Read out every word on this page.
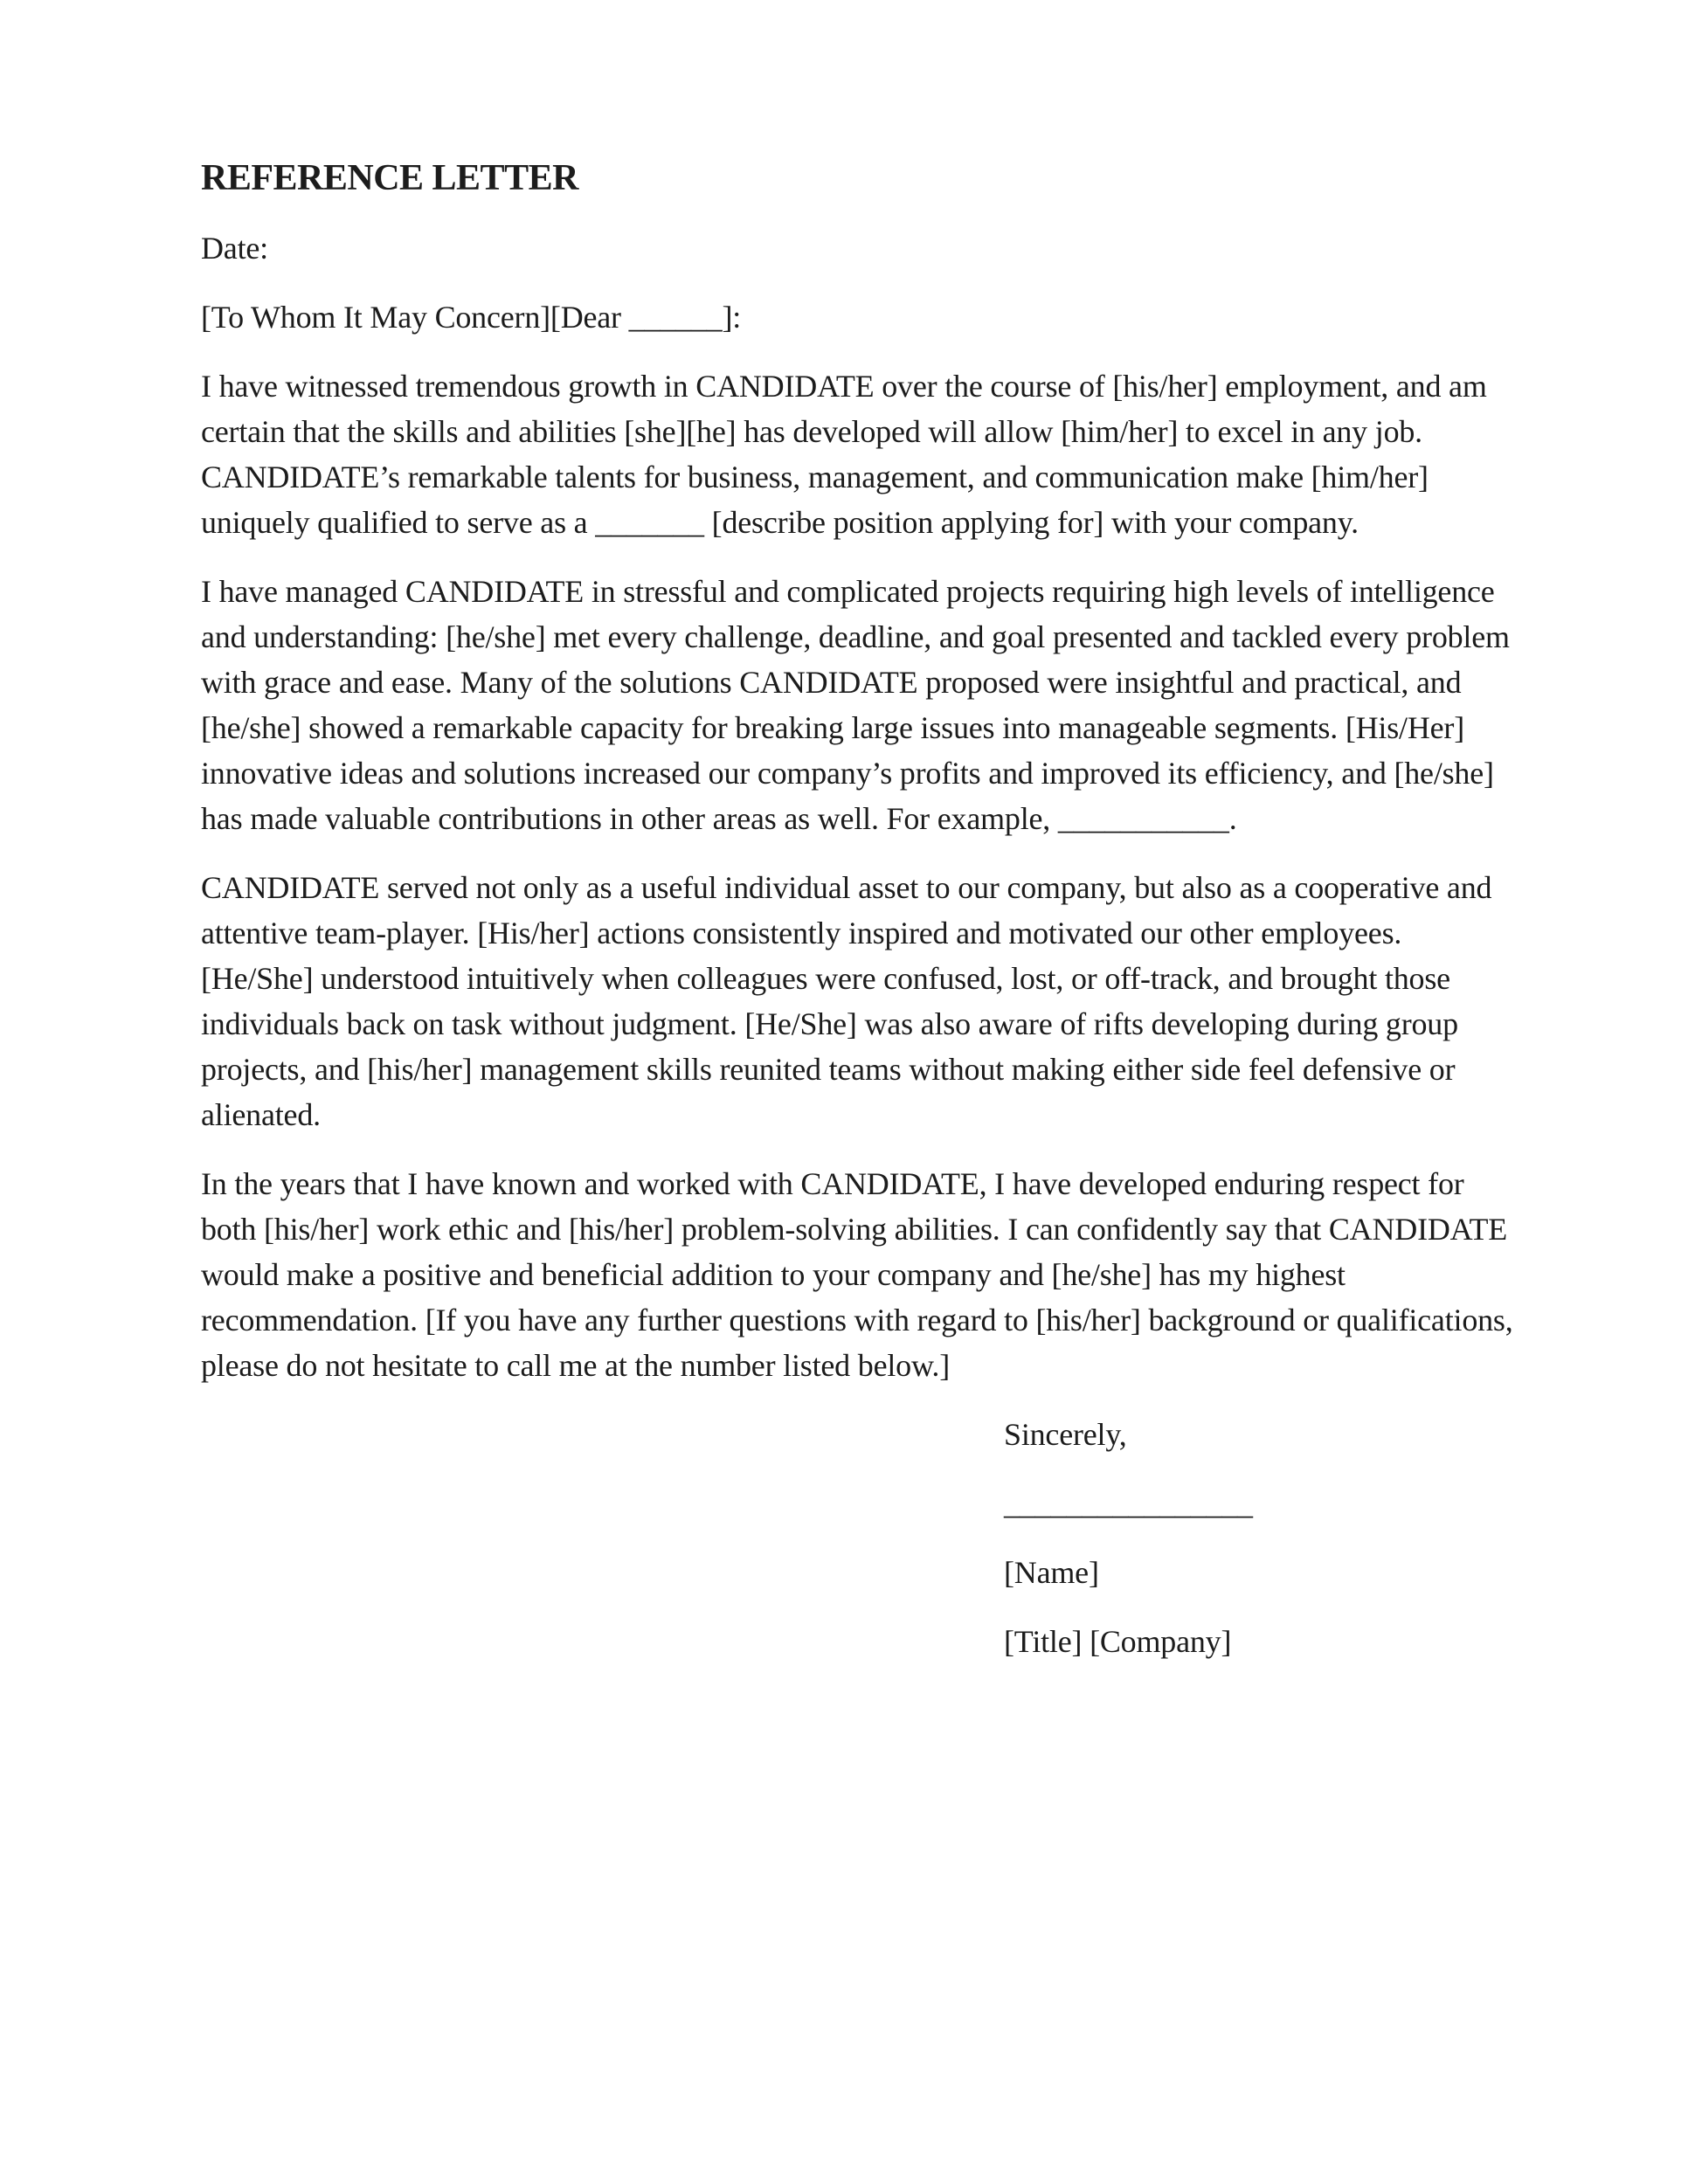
REFERENCE LETTER

Date:

[To Whom It May Concern][Dear ______]:

I have witnessed tremendous growth in CANDIDATE over the course of [his/her] employment, and am certain that the skills and abilities [she][he] has developed will allow [him/her] to excel in any job. CANDIDATE’s remarkable talents for business, management, and communication make [him/her] uniquely qualified to serve as a _______ [describe position applying for] with your company.

I have managed CANDIDATE in stressful and complicated projects requiring high levels of intelligence and understanding: [he/she] met every challenge, deadline, and goal presented and tackled every problem with grace and ease. Many of the solutions CANDIDATE proposed were insightful and practical, and [he/she] showed a remarkable capacity for breaking large issues into manageable segments. [His/Her] innovative ideas and solutions increased our company’s profits and improved its efficiency, and [he/she] has made valuable contributions in other areas as well. For example, ___________.

CANDIDATE served not only as a useful individual asset to our company, but also as a cooperative and attentive team-player. [His/her] actions consistently inspired and motivated our other employees. [He/She] understood intuitively when colleagues were confused, lost, or off-track, and brought those individuals back on task without judgment. [He/She] was also aware of rifts developing during group projects, and [his/her] management skills reunited teams without making either side feel defensive or alienated.

In the years that I have known and worked with CANDIDATE, I have developed enduring respect for both [his/her] work ethic and [his/her] problem-solving abilities. I can confidently say that CANDIDATE would make a positive and beneficial addition to your company and [he/she] has my highest recommendation. [If you have any further questions with regard to [his/her] background or qualifications, please do not hesitate to call me at the number listed below.]

Sincerely,

________________

[Name]

[Title] [Company]
